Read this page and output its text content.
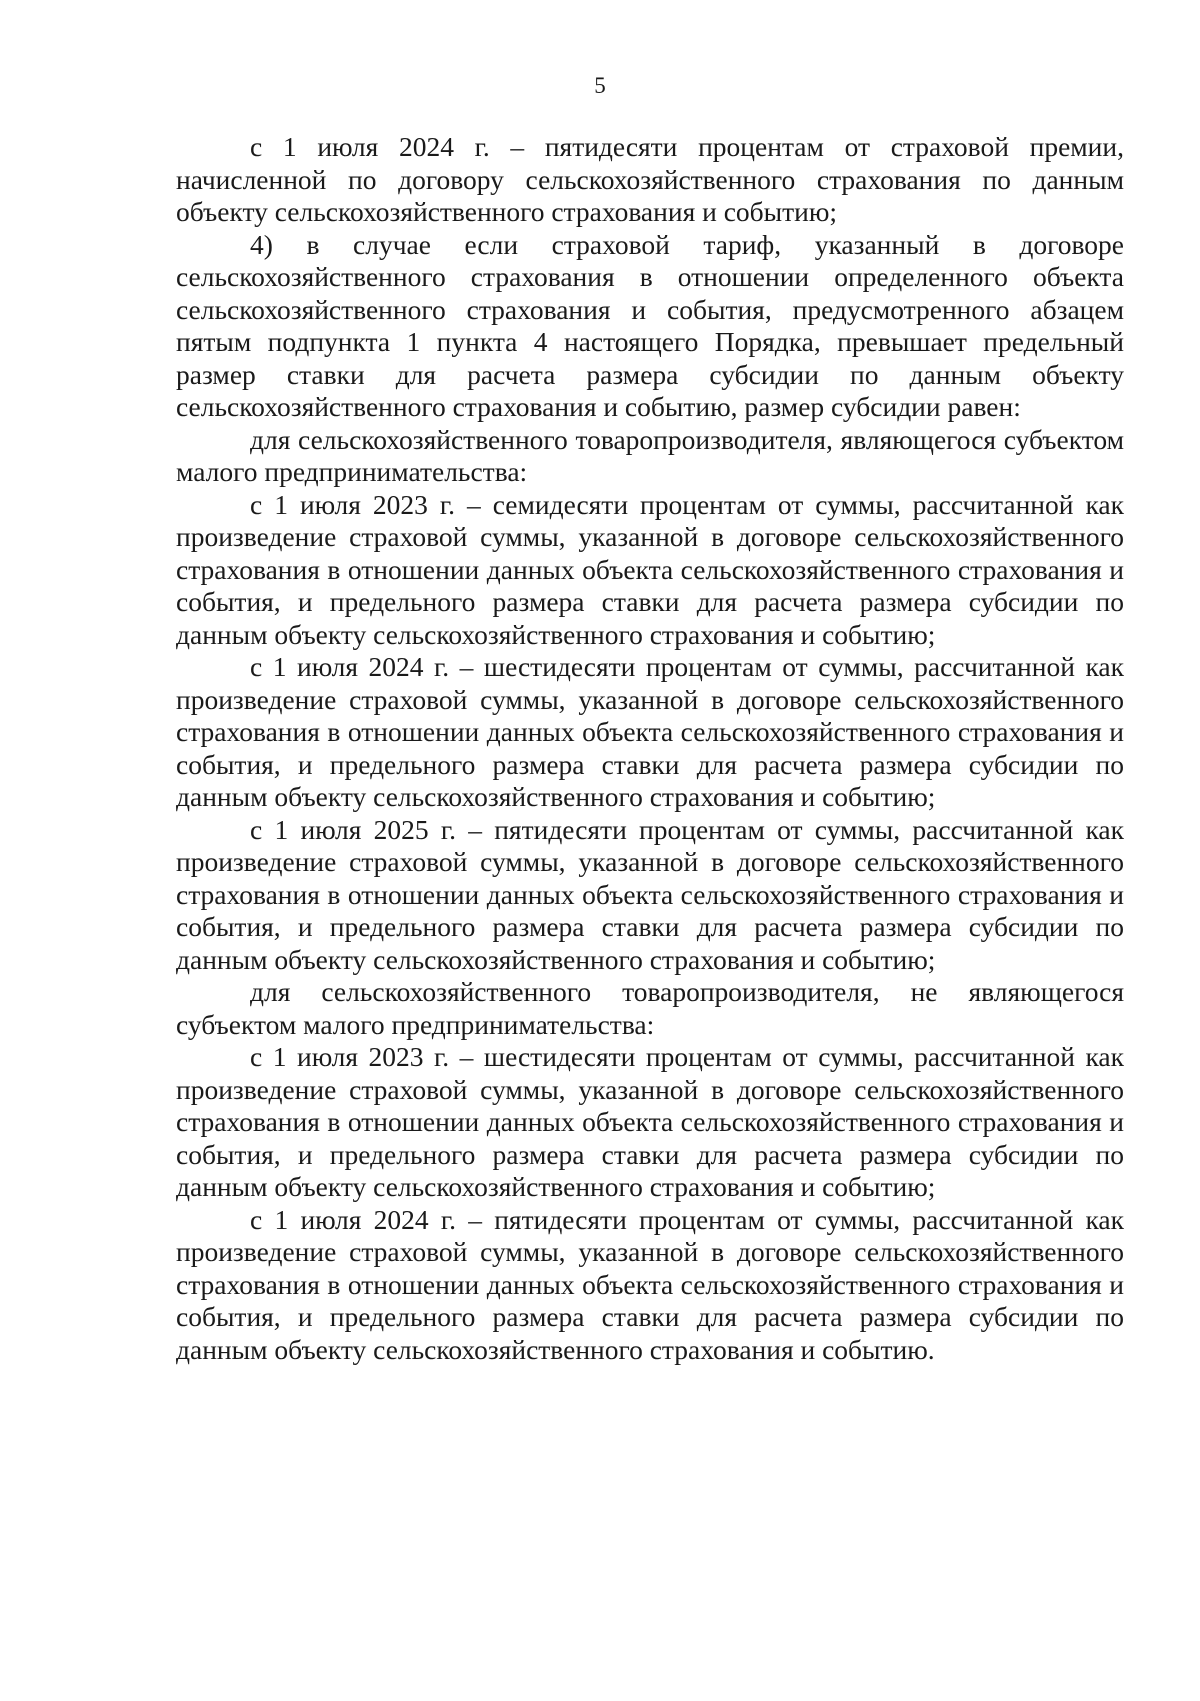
5

с 1 июля 2024 г. – пятидесяти процентам от страховой премии, начисленной по договору сельскохозяйственного страхования по данным объекту сельскохозяйственного страхования и событию;

4) в случае если страховой тариф, указанный в договоре сельскохозяйственного страхования в отношении определенного объекта сельскохозяйственного страхования и события, предусмотренного абзацем пятым подпункта 1 пункта 4 настоящего Порядка, превышает предельный размер ставки для расчета размера субсидии по данным объекту сельскохозяйственного страхования и событию, размер субсидии равен:

для сельскохозяйственного товаропроизводителя, являющегося субъектом малого предпринимательства:

с 1 июля 2023 г. – семидесяти процентам от суммы, рассчитанной как произведение страховой суммы, указанной в договоре сельскохозяйственного страхования в отношении данных объекта сельскохозяйственного страхования и события, и предельного размера ставки для расчета размера субсидии по данным объекту сельскохозяйственного страхования и событию;

с 1 июля 2024 г. – шестидесяти процентам от суммы, рассчитанной как произведение страховой суммы, указанной в договоре сельскохозяйственного страхования в отношении данных объекта сельскохозяйственного страхования и события, и предельного размера ставки для расчета размера субсидии по данным объекту сельскохозяйственного страхования и событию;

с 1 июля 2025 г. – пятидесяти процентам от суммы, рассчитанной как произведение страховой суммы, указанной в договоре сельскохозяйственного страхования в отношении данных объекта сельскохозяйственного страхования и события, и предельного размера ставки для расчета размера субсидии по данным объекту сельскохозяйственного страхования и событию;

для сельскохозяйственного товаропроизводителя, не являющегося субъектом малого предпринимательства:

с 1 июля 2023 г. – шестидесяти процентам от суммы, рассчитанной как произведение страховой суммы, указанной в договоре сельскохозяйственного страхования в отношении данных объекта сельскохозяйственного страхования и события, и предельного размера ставки для расчета размера субсидии по данным объекту сельскохозяйственного страхования и событию;

с 1 июля 2024 г. – пятидесяти процентам от суммы, рассчитанной как произведение страховой суммы, указанной в договоре сельскохозяйственного страхования в отношении данных объекта сельскохозяйственного страхования и события, и предельного размера ставки для расчета размера субсидии по данным объекту сельскохозяйственного страхования и событию.
